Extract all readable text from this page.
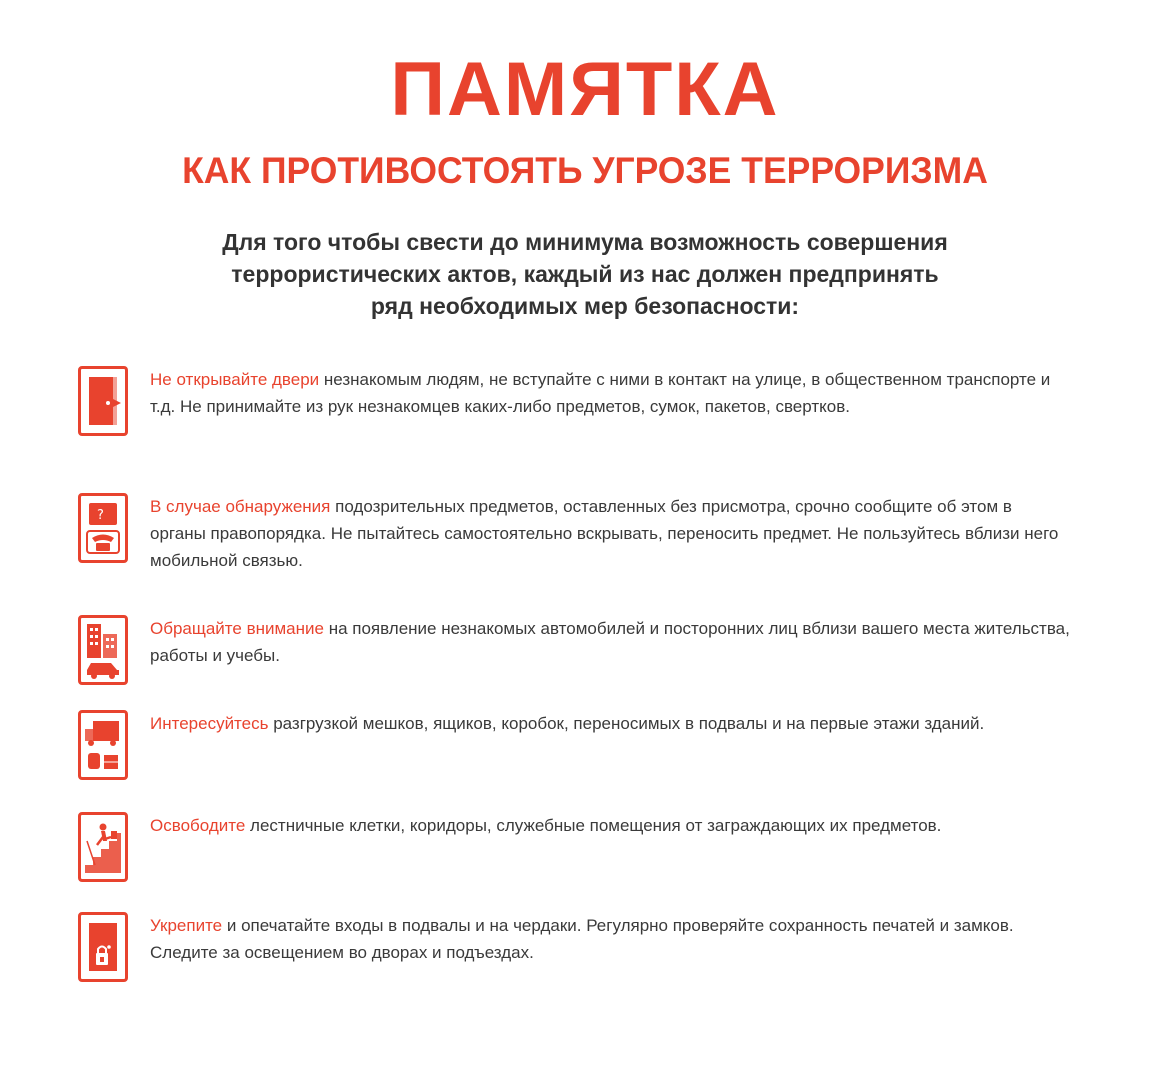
ПАМЯТКА
КАК ПРОТИВОСТОЯТЬ УГРОЗЕ ТЕРРОРИЗМА
Для того чтобы свести до минимума возможность совершения
террористических актов, каждый из нас должен предпринять
ряд необходимых мер безопасности:
Не открывайте двери незнакомым людям, не вступайте с ними в контакт на улице, в общественном транспорте и т.д. Не принимайте из рук незнакомцев каких-либо предметов, сумок, пакетов, свертков.
?	В случае обнаружения подозрительных предметов, оставленных без присмотра, срочно сообщите об этом в органы правопорядка. Не пытайтесь самостоятельно вскрывать, переносить предмет. Не пользуйтесь вблизи него мобильной связью.
Обращайте внимание на появление незнакомых автомобилей и посторонних лиц вблизи вашего места жительства, работы и учебы.
Интересуйтесь разгрузкой мешков, ящиков, коробок, переносимых в подвалы и на первые этажи зданий.
Освободите лестничные клетки, коридоры, служебные помещения от заграждающих их предметов.
Укрепите и опечатайте входы в подвалы и на чердаки. Регулярно проверяйте сохранность печатей и замков. Следите за освещением во дворах и подъездах.
